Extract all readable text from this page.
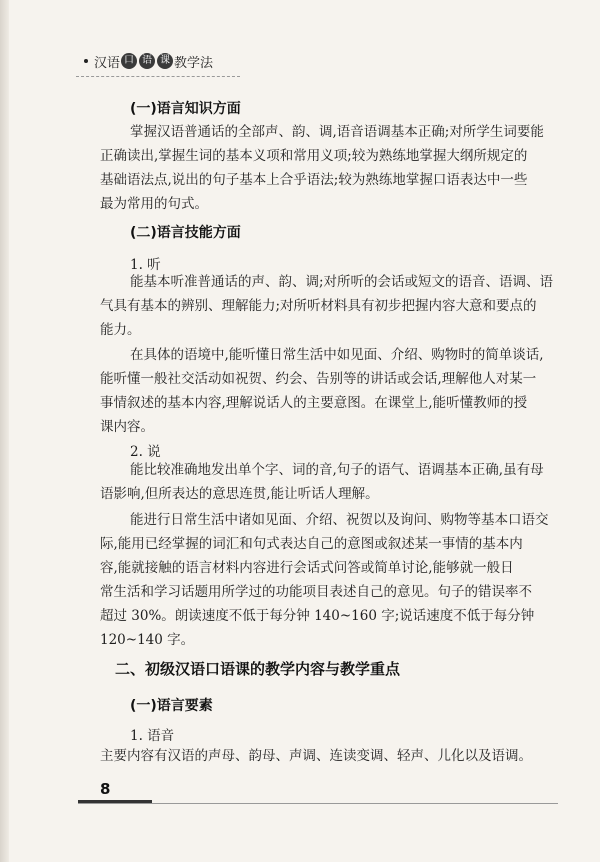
汉语 口 语 课 教学法
(一)语言知识方面
掌握汉语普通话的全部声、韵、调,语音语调基本正确;对所学生词要能
正确读出,掌握生词的基本义项和常用义项;较为熟练地掌握大纲所规定的
基础语法点,说出的句子基本上合乎语法;较为熟练地掌握口语表达中一些
最为常用的句式。
(二)语言技能方面
1. 听
能基本听准普通话的声、韵、调;对所听的会话或短文的语音、语调、语
气具有基本的辨别、理解能力;对所听材料具有初步把握内容大意和要点的
能力。
在具体的语境中,能听懂日常生活中如见面、介绍、购物时的简单谈话,
能听懂一般社交活动如祝贺、约会、告别等的讲话或会话,理解他人对某一
事情叙述的基本内容,理解说话人的主要意图。在课堂上,能听懂教师的授
课内容。
2. 说
能比较准确地发出单个字、词的音,句子的语气、语调基本正确,虽有母
语影响,但所表达的意思连贯,能让听话人理解。
能进行日常生活中诸如见面、介绍、祝贺以及询问、购物等基本口语交
际,能用已经掌握的词汇和句式表达自己的意图或叙述某一事情的基本内
容,能就接触的语言材料内容进行会话式问答或简单讨论,能够就一般日
常生活和学习话题用所学过的功能项目表述自己的意见。句子的错误率不
超过 30%。朗读速度不低于每分钟 140~160 字;说话速度不低于每分钟
120~140 字。
二、初级汉语口语课的教学内容与教学重点
(一)语言要素
1. 语音
主要内容有汉语的声母、韵母、声调、连读变调、轻声、儿化以及语调。
8
